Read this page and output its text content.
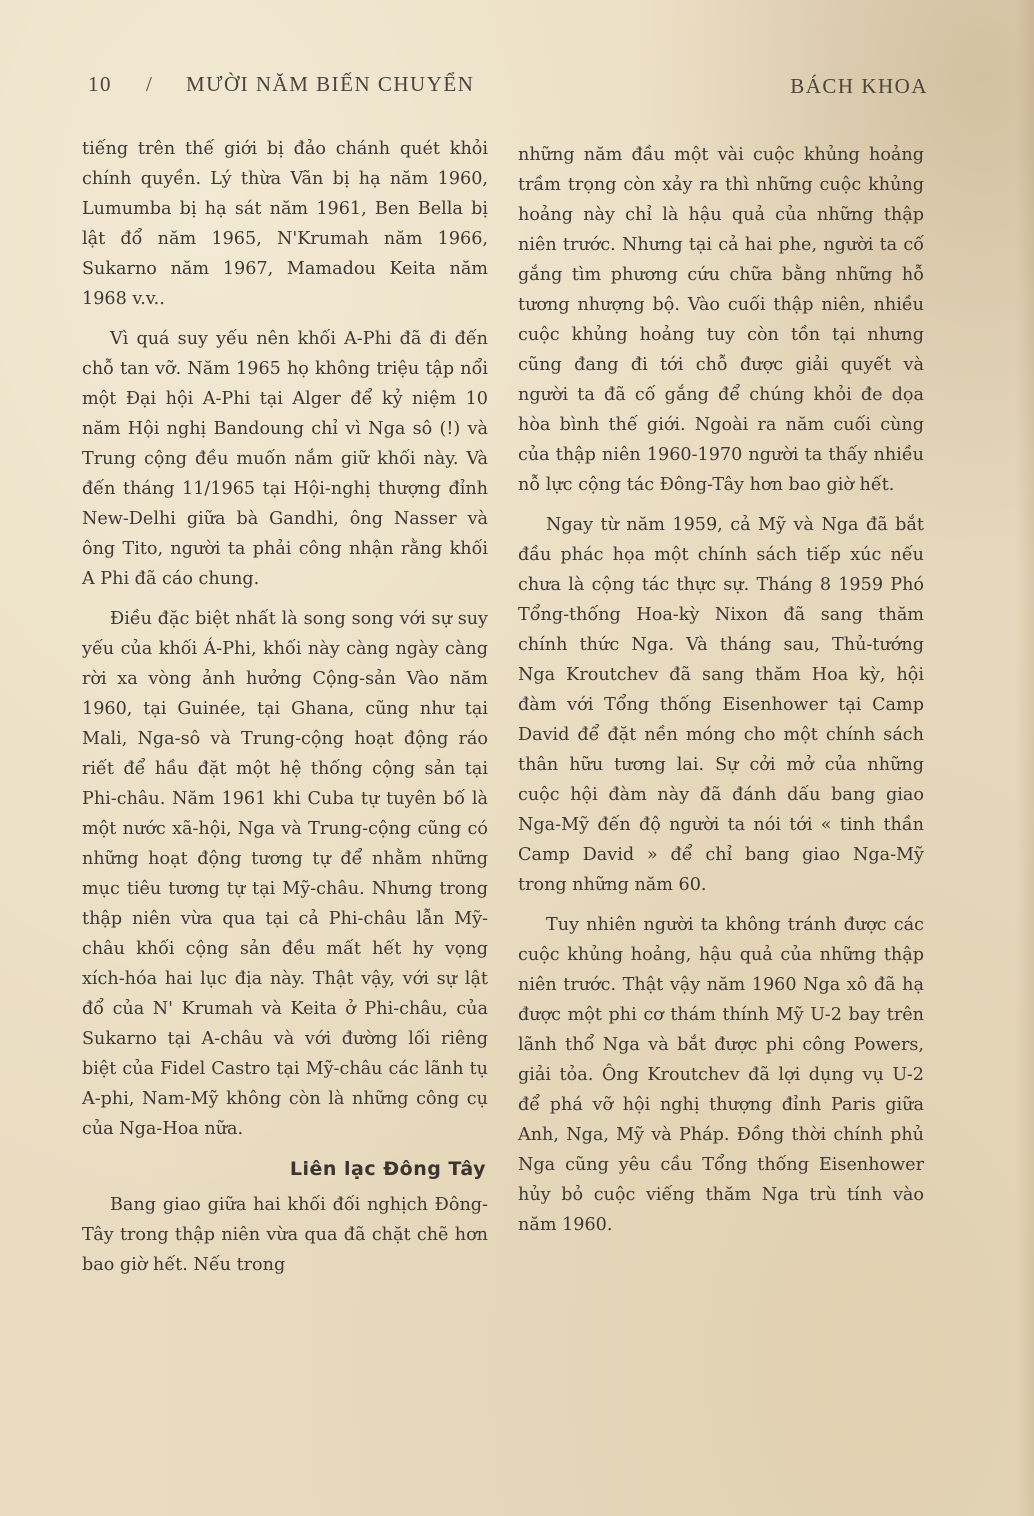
10 / MƯỜI NĂM BIẾN CHUYỂN	BÁCH KHOA

tiếng trên thế giới bị đảo chánh quét khỏi chính quyền. Lý thừa Vãn bị hạ năm 1960, Lumumba bị hạ sát năm 1961, Ben Bella bị lật đổ năm 1965, N'Krumah năm 1966, Sukarno năm 1967, Mamadou Keita năm 1968 v.v..

Vì quá suy yếu nên khối A-Phi đã đi đến chỗ tan vỡ. Năm 1965 họ không triệu tập nổi một Đại hội A-Phi tại Alger để kỷ niệm 10 năm Hội nghị Bandoung chỉ vì Nga sô (!) và Trung cộng đều muốn nắm giữ khối này. Và đến tháng 11/1965 tại Hội-nghị thượng đỉnh New-Delhi giữa bà Gandhi, ông Nasser và ông Tito, người ta phải công nhận rằng khối A Phi đã cáo chung.

Điều đặc biệt nhất là song song với sự suy yếu của khối Á-Phi, khối này càng ngày càng rời xa vòng ảnh hưởng Cộng-sản Vào năm 1960, tại Guinée, tại Ghana, cũng như tại Mali, Nga-sô và Trung-cộng hoạt động ráo riết để hầu đặt một hệ thống cộng sản tại Phi-châu. Năm 1961 khi Cuba tự tuyên bố là một nước xã-hội, Nga và Trung-cộng cũng có những hoạt động tương tự để nhằm những mục tiêu tương tự tại Mỹ-châu. Nhưng trong thập niên vừa qua tại cả Phi-châu lẫn Mỹ-châu khối cộng sản đều mất hết hy vọng xích-hóa hai lục địa này. Thật vậy, với sự lật đổ của N' Krumah và Keita ở Phi-châu, của Sukarno tại A-châu và với đường lối riêng biệt của Fidel Castro tại Mỹ-châu các lãnh tụ A-phi, Nam-Mỹ không còn là những công cụ của Nga-Hoa nữa.

Liên lạc Đông Tây

Bang giao giữa hai khối đối nghịch Đông-Tây trong thập niên vừa qua đã chặt chẽ hơn bao giờ hết. Nếu trong

những năm đầu một vài cuộc khủng hoảng trầm trọng còn xảy ra thì những cuộc khủng hoảng này chỉ là hậu quả của những thập niên trước. Nhưng tại cả hai phe, người ta cố gắng tìm phương cứu chữa bằng những hỗ tương nhượng bộ. Vào cuối thập niên, nhiều cuộc khủng hoảng tuy còn tồn tại nhưng cũng đang đi tới chỗ được giải quyết và người ta đã cố gắng để chúng khỏi đe dọa hòa bình thế giới. Ngoài ra năm cuối cùng của thập niên 1960-1970 người ta thấy nhiều nỗ lực cộng tác Đông-Tây hơn bao giờ hết.

Ngay từ năm 1959, cả Mỹ và Nga đã bắt đầu phác họa một chính sách tiếp xúc nếu chưa là cộng tác thực sự. Tháng 8 1959 Phó Tổng-thống Hoa-kỳ Nixon đã sang thăm chính thức Nga. Và tháng sau, Thủ-tướng Nga Kroutchev đã sang thăm Hoa kỳ, hội đàm với Tổng thống Eisenhower tại Camp David để đặt nền móng cho một chính sách thân hữu tương lai. Sự cởi mở của những cuộc hội đàm này đã đánh dấu bang giao Nga-Mỹ đến độ người ta nói tới « tinh thần Camp David » để chỉ bang giao Nga-Mỹ trong những năm 60.

Tuy nhiên người ta không tránh được các cuộc khủng hoảng, hậu quả của những thập niên trước. Thật vậy năm 1960 Nga xô đã hạ được một phi cơ thám thính Mỹ U-2 bay trên lãnh thổ Nga và bắt được phi công Powers, giải tỏa. Ông Kroutchev đã lợi dụng vụ U-2 để phá vỡ hội nghị thượng đỉnh Paris giữa Anh, Nga, Mỹ và Pháp. Đồng thời chính phủ Nga cũng yêu cầu Tổng thống Eisenhower hủy bỏ cuộc viếng thăm Nga trù tính vào năm 1960.
